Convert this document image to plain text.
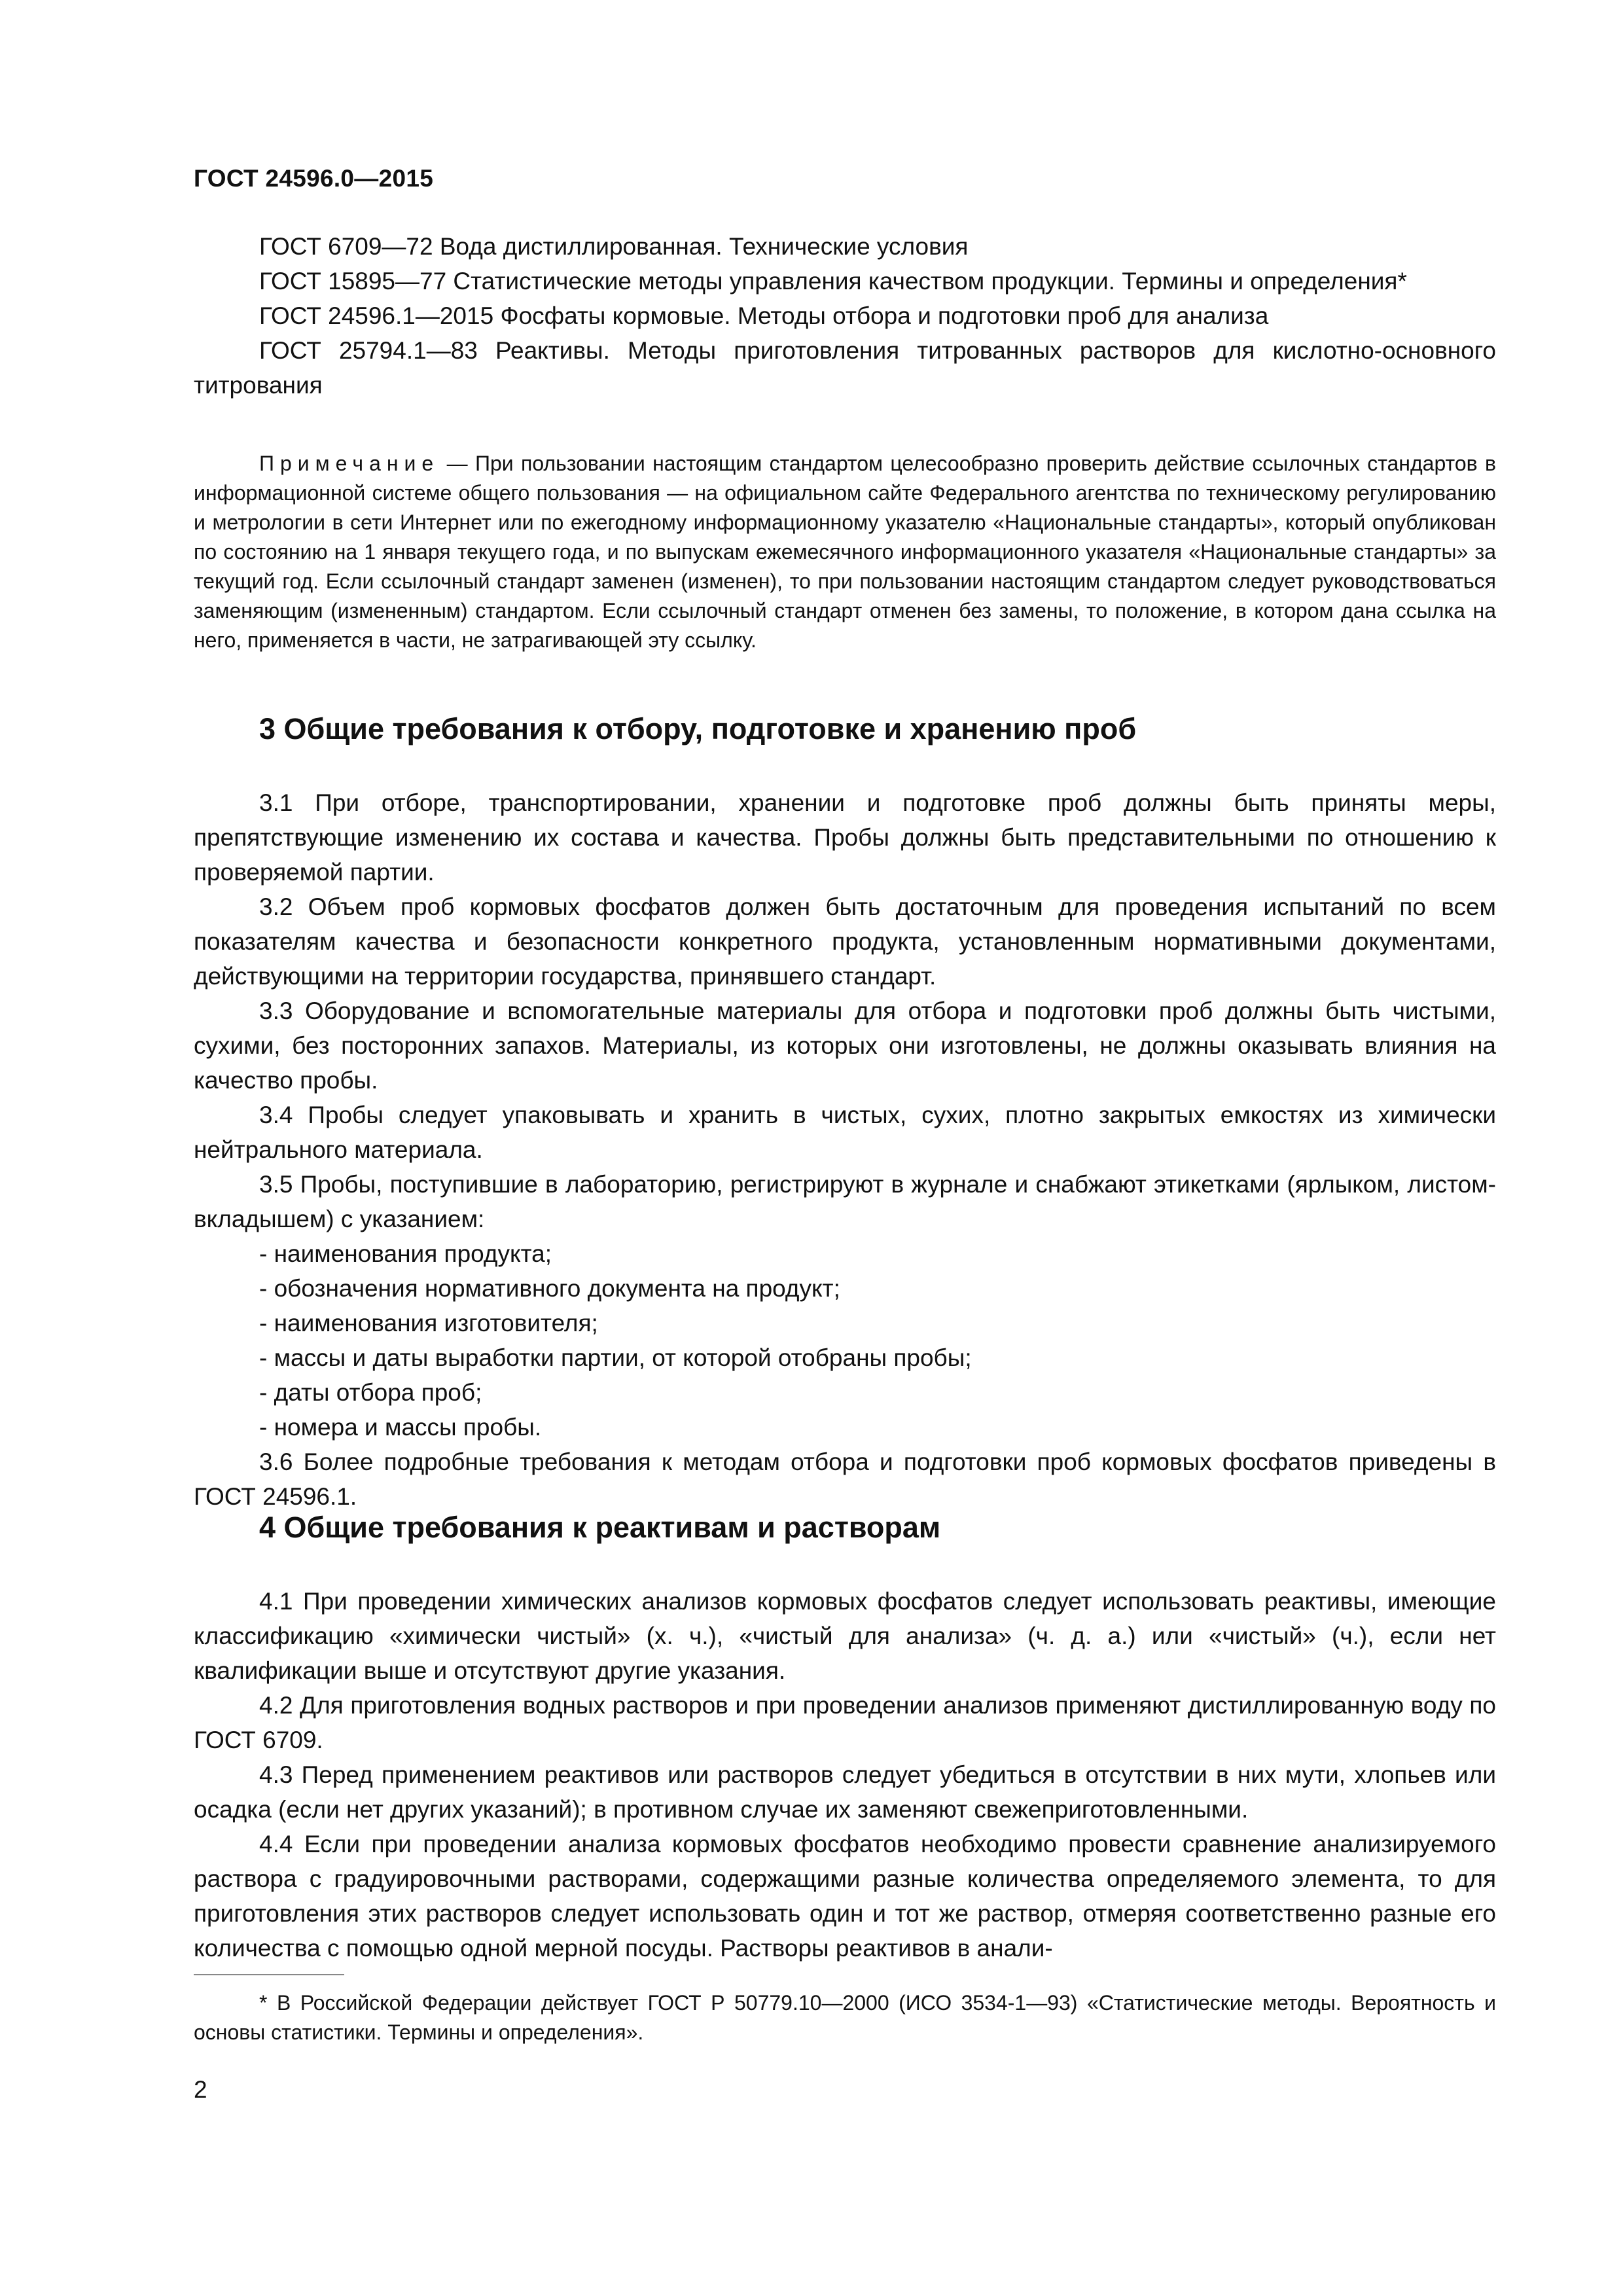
ГОСТ 24596.0—2015

ГОСТ 6709—72 Вода дистиллированная. Технические условия

ГОСТ 15895—77 Статистические методы управления качеством продукции. Термины и определения*

ГОСТ 24596.1—2015 Фосфаты кормовые. Методы отбора и подготовки проб для анализа

ГОСТ 25794.1—83 Реактивы. Методы приготовления титрованных растворов для кислотно-основного титрования

Примечание — При пользовании настоящим стандартом целесообразно проверить действие ссылочных стандартов в информационной системе общего пользования — на официальном сайте Федерального агентства по техническому регулированию и метрологии в сети Интернет или по ежегодному информационному указателю «Национальные стандарты», который опубликован по состоянию на 1 января текущего года, и по выпускам ежемесячного информационного указателя «Национальные стандарты» за текущий год. Если ссылочный стандарт заменен (изменен), то при пользовании настоящим стандартом следует руководствоваться заменяющим (измененным) стандартом. Если ссылочный стандарт отменен без замены, то положение, в котором дана ссылка на него, применяется в части, не затрагивающей эту ссылку.

3 Общие требования к отбору, подготовке и хранению проб

3.1 При отборе, транспортировании, хранении и подготовке проб должны быть приняты меры, препятствующие изменению их состава и качества. Пробы должны быть представительными по отношению к проверяемой партии.

3.2 Объем проб кормовых фосфатов должен быть достаточным для проведения испытаний по всем показателям качества и безопасности конкретного продукта, установленным нормативными документами, действующими на территории государства, принявшего стандарт.

3.3 Оборудование и вспомогательные материалы для отбора и подготовки проб должны быть чистыми, сухими, без посторонних запахов. Материалы, из которых они изготовлены, не должны оказывать влияния на качество пробы.

3.4 Пробы следует упаковывать и хранить в чистых, сухих, плотно закрытых емкостях из химически нейтрального материала.

3.5 Пробы, поступившие в лабораторию, регистрируют в журнале и снабжают этикетками (ярлыком, листом-вкладышем) с указанием:

- наименования продукта;

- обозначения нормативного документа на продукт;

- наименования изготовителя;

- массы и даты выработки партии, от которой отобраны пробы;

- даты отбора проб;

- номера и массы пробы.

3.6 Более подробные требования к методам отбора и подготовки проб кормовых фосфатов приведены в ГОСТ 24596.1.

4 Общие требования к реактивам и растворам

4.1 При проведении химических анализов кормовых фосфатов следует использовать реактивы, имеющие классификацию «химически чистый» (х. ч.), «чистый для анализа» (ч. д. а.) или «чистый» (ч.), если нет квалификации выше и отсутствуют другие указания.

4.2 Для приготовления водных растворов и при проведении анализов применяют дистиллированную воду по ГОСТ 6709.

4.3 Перед применением реактивов или растворов следует убедиться в отсутствии в них мути, хлопьев или осадка (если нет других указаний); в противном случае их заменяют свежеприготовленными.

4.4 Если при проведении анализа кормовых фосфатов необходимо провести сравнение анализируемого раствора с градуировочными растворами, содержащими разные количества определяемого элемента, то для приготовления этих растворов следует использовать один и тот же раствор, отмеряя соответственно разные его количества с помощью одной мерной посуды. Растворы реактивов в анали-

* В Российской Федерации действует ГОСТ Р 50779.10—2000 (ИСО 3534-1—93) «Статистические методы. Вероятность и основы статистики. Термины и определения».

2
